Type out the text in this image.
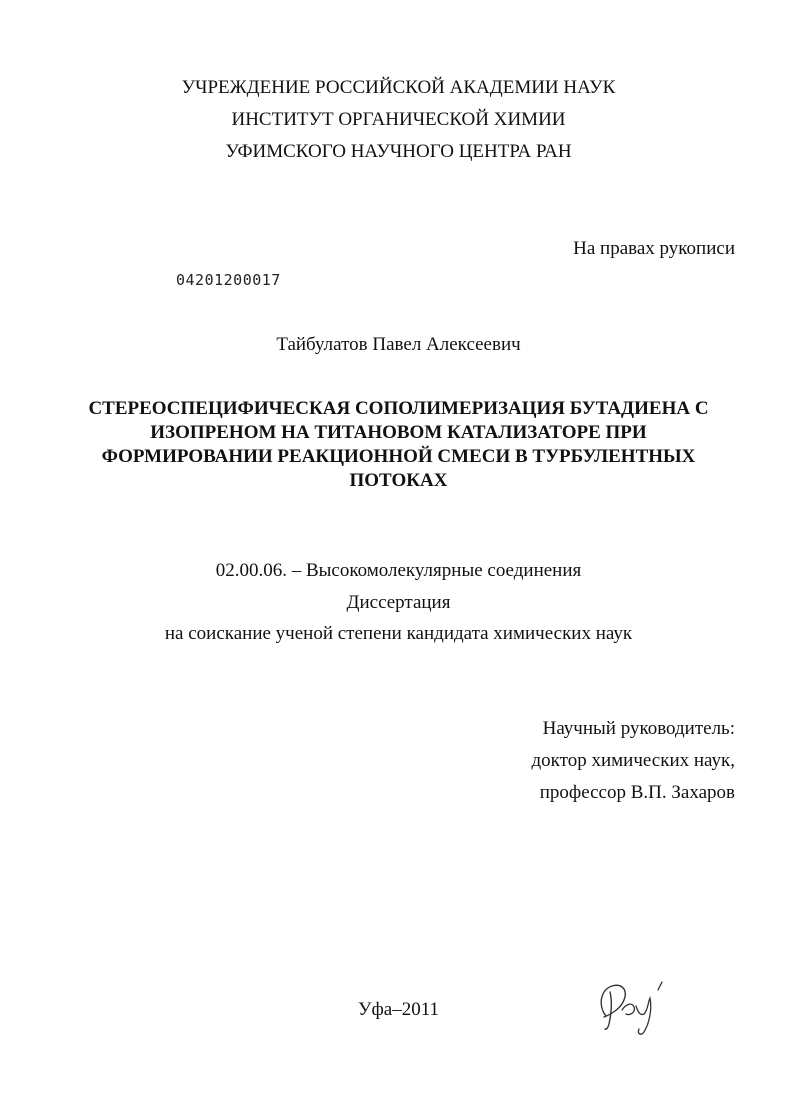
УЧРЕЖДЕНИЕ РОССИЙСКОЙ АКАДЕМИИ НАУК
ИНСТИТУТ ОРГАНИЧЕСКОЙ ХИМИИ
УФИМСКОГО НАУЧНОГО ЦЕНТРА РАН
На правах рукописи
04201200017
Тайбулатов Павел Алексеевич
СТЕРЕОСПЕЦИФИЧЕСКАЯ СОПОЛИМЕРИЗАЦИЯ БУТАДИЕНА С
ИЗОПРЕНОМ НА ТИТАНОВОМ КАТАЛИЗАТОРЕ ПРИ
ФОРМИРОВАНИИ РЕАКЦИОННОЙ СМЕСИ В ТУРБУЛЕНТНЫХ
ПОТОКАХ
02.00.06. – Высокомолекулярные соединения
Диссертация
на соискание ученой степени кандидата химических наук
Научный руководитель:
доктор химических наук,
профессор В.П. Захаров
Уфа–2011
